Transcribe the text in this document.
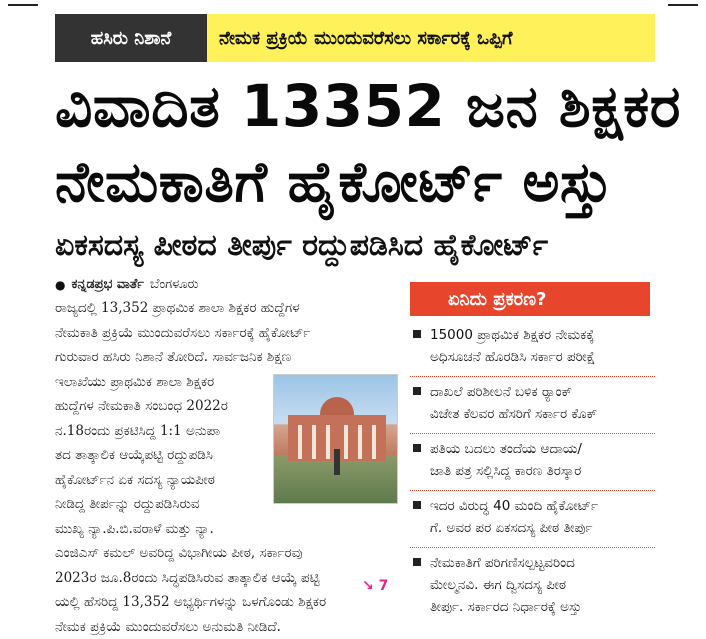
ಹಸಿರು ನಿಶಾನೆ	ನೇಮಕ ಪ್ರಕ್ರಿಯೆ ಮುಂದುವರೆಸಲು ಸರ್ಕಾರಕ್ಕೆ ಒಪ್ಪಿಗೆ
ವಿವಾದಿತ 13352 ಜನ ಶಿಕ್ಷಕರ
ನೇಮಕಾತಿಗೆ ಹೈಕೋರ್ಟ್ ಅಸ್ತು
ಏಕಸದಸ್ಯ ಪೀಠದ ತೀರ್ಪು ರದ್ದುಪಡಿಸಿದ ಹೈಕೋರ್ಟ್
● ಕನ್ನಡಪ್ರಭ ವಾರ್ತೆ ಬೆಂಗಳೂರು
ರಾಜ್ಯದಲ್ಲಿ 13,352 ಪ್ರಾಥಮಿಕ ಶಾಲಾ ಶಿಕ್ಷಕರ ಹುದ್ದೆಗಳ
ನೇಮಕಾತಿ ಪ್ರಕ್ರಿಯೆ ಮುಂದುವರೆಸಲು ಸರ್ಕಾರಕ್ಕೆ ಹೈಕೋರ್ಟ್
ಗುರುವಾರ ಹಸಿರು ನಿಶಾನೆ ತೋರಿದೆ. ಸಾರ್ವಜನಿಕ ಶಿಕ್ಷಣ
ಇಲಾಖೆಯು ಪ್ರಾಥಮಿಕ ಶಾಲಾ ಶಿಕ್ಷಕರ
ಹುದ್ದೆಗಳ ನೇಮಕಾತಿ ಸಂಬಂಧ 2022ರ
ನ.18ರಂದು ಪ್ರಕಟಿಸಿದ್ದ 1:1 ಅನುಪಾ
ತದ ತಾತ್ಕಾಲಿಕ ಆಯ್ಕೆಪಟ್ಟಿ ರದ್ದುಪಡಿಸಿ
ಹೈಕೋರ್ಟ್‌ನ ಏಕ ಸದಸ್ಯ ನ್ಯಾಯಪೀಠ
ನೀಡಿದ್ದ ತೀರ್ಪನ್ನು ರದ್ದುಪಡಿಸಿರುವ
ಮುಖ್ಯ ನ್ಯಾ.ಪಿ.ಬಿ.ವರಾಳೆ ಮತ್ತು ನ್ಯಾ.
ಎಂಜಿಎಸ್ ಕಮಲ್ ಅವರಿದ್ದ ವಿಭಾಗೀಯ ಪೀಠ, ಸರ್ಕಾರವು
2023ರ ಜೂ.8ರಂದು ಸಿದ್ಧಪಡಿಸಿರುವ ತಾತ್ಕಾಲಿಕ ಆಯ್ಕೆ ಪಟ್ಟಿ
ಯಲ್ಲಿ ಹೆಸರಿದ್ದ 13,352 ಅಭ್ಯರ್ಥಿಗಳನ್ನು ಒಳಗೊಂಡು ಶಿಕ್ಷಕರ
ನೇಮಕ ಪ್ರಕ್ರಿಯೆ ಮುಂದುವರೆಸಲು ಅನುಮತಿ ನೀಡಿದೆ.
↘ 7
ಏನಿದು ಪ್ರಕರಣ?
15000 ಪ್ರಾಥಮಿಕ ಶಿಕ್ಷಕರ ನೇಮಕಕ್ಕೆ
ಅಧಿಸೂಚನೆ ಹೊರಡಿಸಿ ಸರ್ಕಾರ ಪರೀಕ್ಷೆ
ದಾಖಲೆ ಪರಿಶೀಲನೆ ಬಳಿಕ ರ್‍ಯಾಂಕ್
ವಿಜೇತ ಕೆಲವರ ಹೆಸರಿಗೆ ಸರ್ಕಾರ ಕೊಕ್
ಪತಿಯ ಬದಲು ತಂದೆಯ ಆದಾಯ/
ಜಾತಿ ಪತ್ರ ಸಲ್ಲಿಸಿದ್ದ ಕಾರಣ ತಿರಸ್ಕಾರ
ಇದರ ವಿರುದ್ಧ 40 ಮಂದಿ ಹೈಕೋರ್ಟ್
ಗೆ. ಅವರ ಪರ ಏಕಸದಸ್ಯ ಪೀಠ ತೀರ್ಪು
ನೇಮಕಾತಿಗೆ ಪರಿಗಣಿಸಲ್ಪಟ್ಟವರಿಂದ
ಮೇಲ್ಮನವಿ. ಈಗ ದ್ವಿಸದಸ್ಯ ಪೀಠ
ತೀರ್ಪು. ಸರ್ಕಾರದ ನಿರ್ಧಾರಕ್ಕೆ ಅಸ್ತು
